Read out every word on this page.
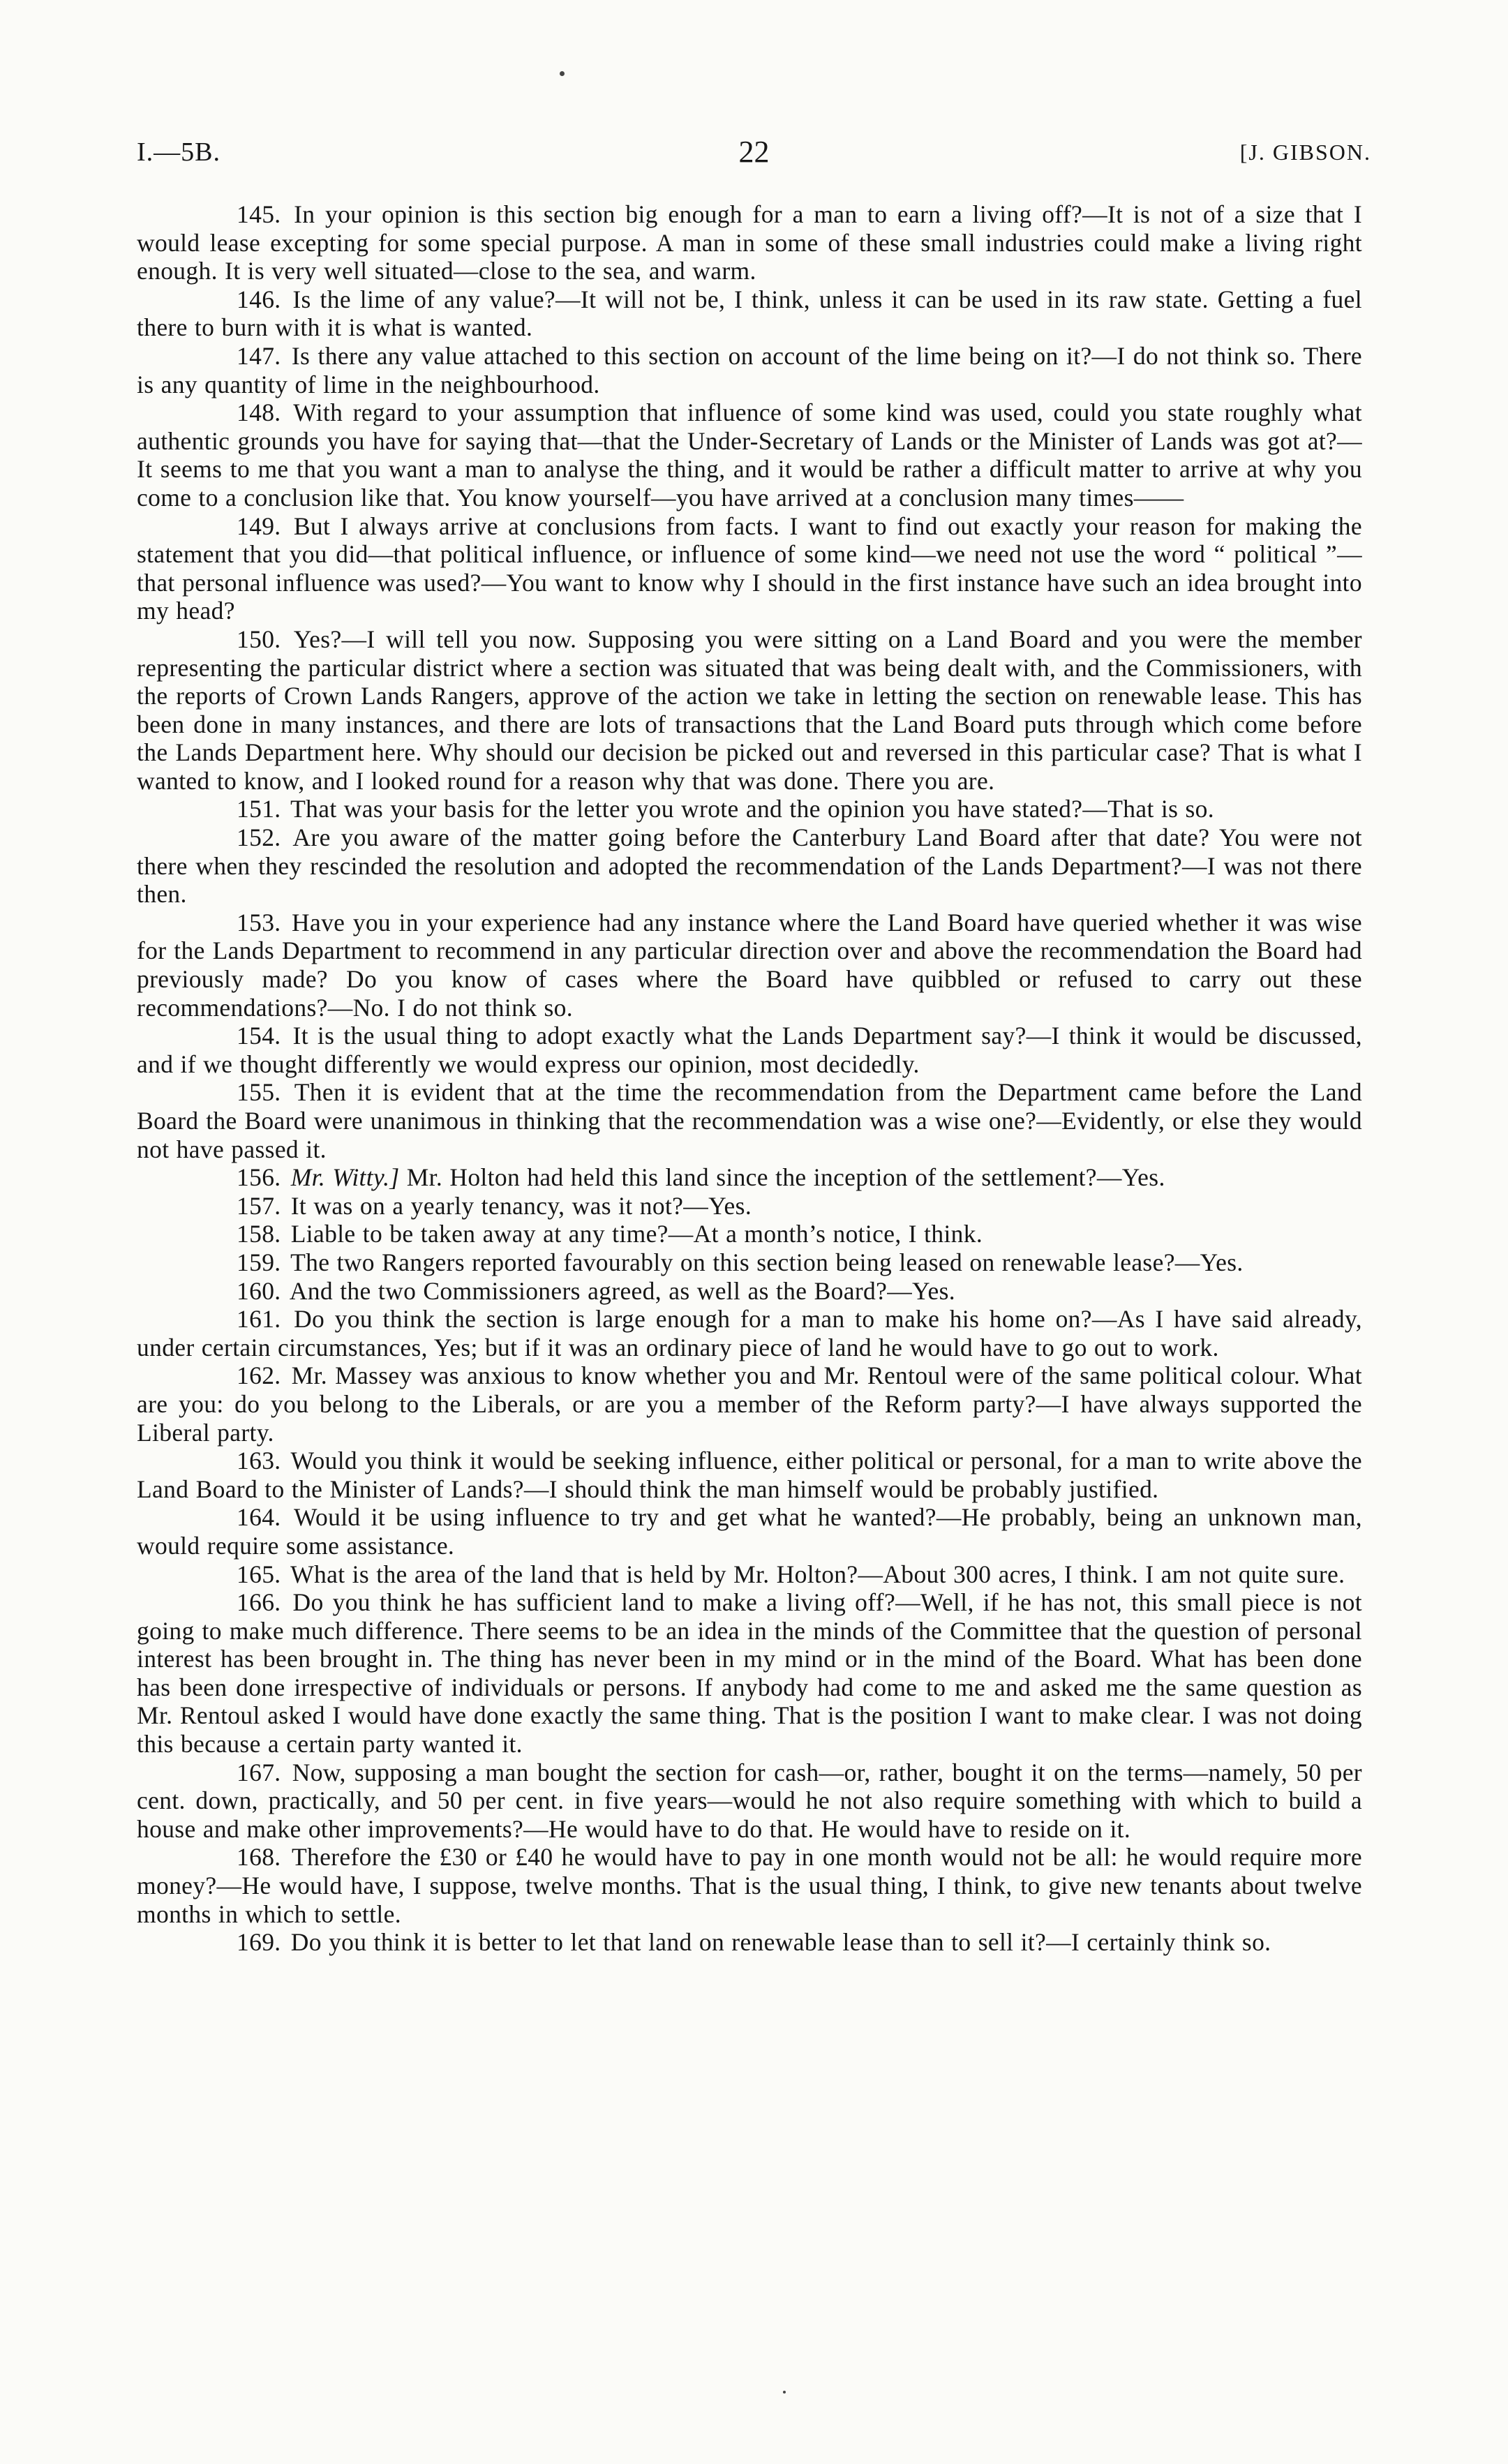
I.—5B.	22	[J. GIBSON.

145. In your opinion is this section big enough for a man to earn a living off?—It is not of a size that I would lease excepting for some special purpose. A man in some of these small industries could make a living right enough. It is very well situated—close to the sea, and warm.

146. Is the lime of any value?—It will not be, I think, unless it can be used in its raw state. Getting a fuel there to burn with it is what is wanted.

147. Is there any value attached to this section on account of the lime being on it?—I do not think so. There is any quantity of lime in the neighbourhood.

148. With regard to your assumption that influence of some kind was used, could you state roughly what authentic grounds you have for saying that—that the Under-Secretary of Lands or the Minister of Lands was got at?—It seems to me that you want a man to analyse the thing, and it would be rather a difficult matter to arrive at why you come to a conclusion like that. You know yourself—you have arrived at a conclusion many times——

149. But I always arrive at conclusions from facts. I want to find out exactly your reason for making the statement that you did—that political influence, or influence of some kind—we need not use the word “ political ”—that personal influence was used?—You want to know why I should in the first instance have such an idea brought into my head?

150. Yes?—I will tell you now. Supposing you were sitting on a Land Board and you were the member representing the particular district where a section was situated that was being dealt with, and the Commissioners, with the reports of Crown Lands Rangers, approve of the action we take in letting the section on renewable lease. This has been done in many instances, and there are lots of transactions that the Land Board puts through which come before the Lands Department here. Why should our decision be picked out and reversed in this particular case? That is what I wanted to know, and I looked round for a reason why that was done. There you are.

151. That was your basis for the letter you wrote and the opinion you have stated?—That is so.

152. Are you aware of the matter going before the Canterbury Land Board after that date? You were not there when they rescinded the resolution and adopted the recommendation of the Lands Department?—I was not there then.

153. Have you in your experience had any instance where the Land Board have queried whether it was wise for the Lands Department to recommend in any particular direction over and above the recommendation the Board had previously made? Do you know of cases where the Board have quibbled or refused to carry out these recommendations?—No. I do not think so.

154. It is the usual thing to adopt exactly what the Lands Department say?—I think it would be discussed, and if we thought differently we would express our opinion, most decidedly.

155. Then it is evident that at the time the recommendation from the Department came before the Land Board the Board were unanimous in thinking that the recommendation was a wise one?—Evidently, or else they would not have passed it.

156. Mr. Witty.] Mr. Holton had held this land since the inception of the settlement?—Yes.

157. It was on a yearly tenancy, was it not?—Yes.

158. Liable to be taken away at any time?—At a month’s notice, I think.

159. The two Rangers reported favourably on this section being leased on renewable lease?—Yes.

160. And the two Commissioners agreed, as well as the Board?—Yes.

161. Do you think the section is large enough for a man to make his home on?—As I have said already, under certain circumstances, Yes; but if it was an ordinary piece of land he would have to go out to work.

162. Mr. Massey was anxious to know whether you and Mr. Rentoul were of the same political colour. What are you: do you belong to the Liberals, or are you a member of the Reform party?—I have always supported the Liberal party.

163. Would you think it would be seeking influence, either political or personal, for a man to write above the Land Board to the Minister of Lands?—I should think the man himself would be probably justified.

164. Would it be using influence to try and get what he wanted?—He probably, being an unknown man, would require some assistance.

165. What is the area of the land that is held by Mr. Holton?—About 300 acres, I think. I am not quite sure.

166. Do you think he has sufficient land to make a living off?—Well, if he has not, this small piece is not going to make much difference. There seems to be an idea in the minds of the Committee that the question of personal interest has been brought in. The thing has never been in my mind or in the mind of the Board. What has been done has been done irrespective of individuals or persons. If anybody had come to me and asked me the same question as Mr. Rentoul asked I would have done exactly the same thing. That is the position I want to make clear. I was not doing this because a certain party wanted it.

167. Now, supposing a man bought the section for cash—or, rather, bought it on the terms—namely, 50 per cent. down, practically, and 50 per cent. in five years—would he not also require something with which to build a house and make other improvements?—He would have to do that. He would have to reside on it.

168. Therefore the £30 or £40 he would have to pay in one month would not be all: he would require more money?—He would have, I suppose, twelve months. That is the usual thing, I think, to give new tenants about twelve months in which to settle.

169. Do you think it is better to let that land on renewable lease than to sell it?—I certainly think so.
